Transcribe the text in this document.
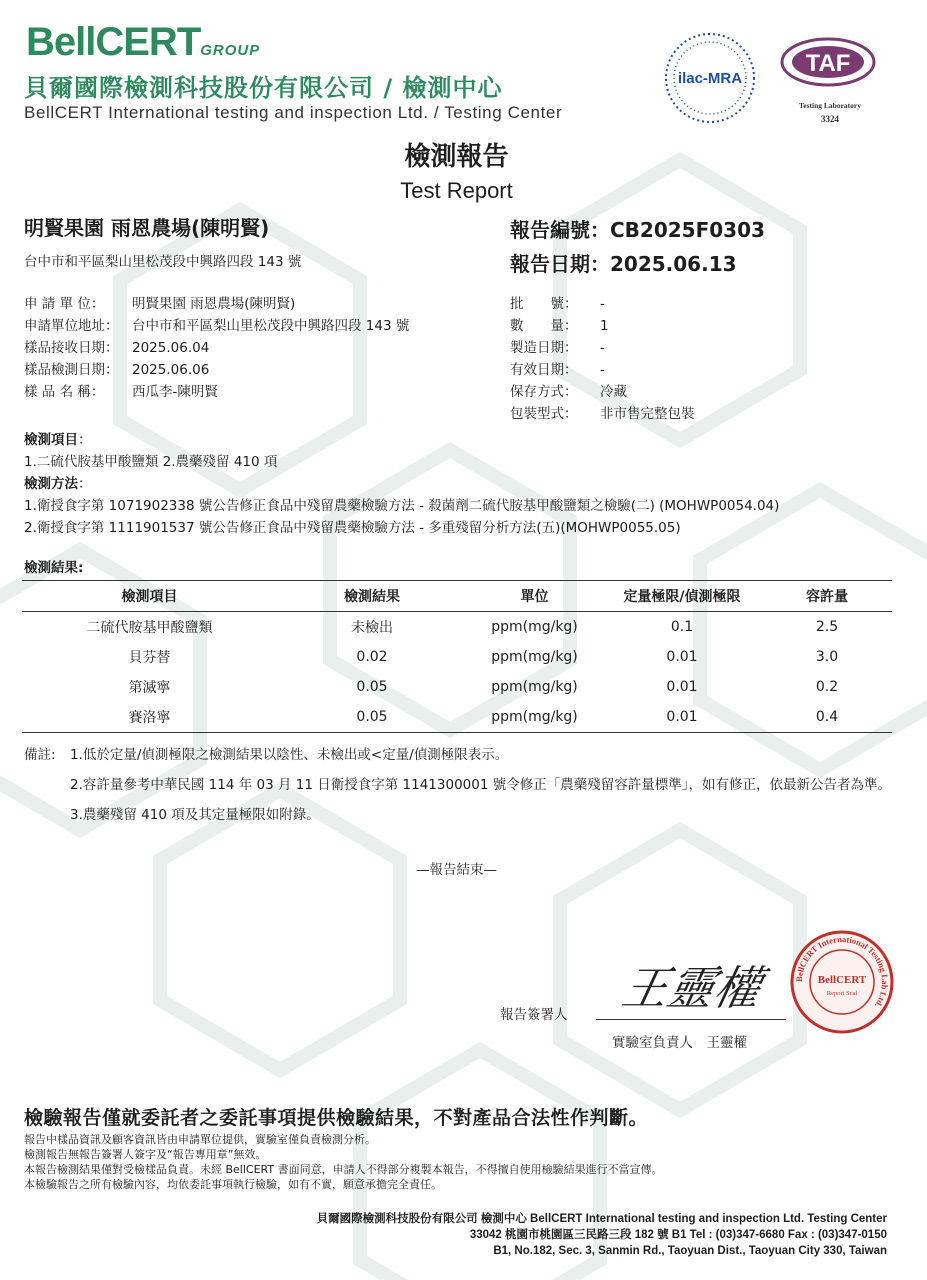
BellCERTGROUP
貝爾國際檢測科技股份有限公司 / 檢測中心
BellCERT International testing and inspection Ltd. / Testing Center
ilac-MRA
TAF
Testing Laboratory
3324
檢測報告
Test Report
明賢果園 雨恩農場(陳明賢)
台中市和平區梨山里松茂段中興路四段 143 號
報告編號：CB2025F0303
報告日期：2025.06.13
申 請 單 位： 明賢果園 雨恩農場(陳明賢)
申請單位地址： 台中市和平區梨山里松茂段中興路四段 143 號
樣品接收日期： 2025.06.04
樣品檢測日期： 2025.06.06
樣 品 名 稱： 西瓜李-陳明賢
批　　號： -
數　　量： 1
製造日期： -
有效日期： -
保存方式： 冷藏
包裝型式： 非市售完整包裝
檢測項目：
1.二硫代胺基甲酸鹽類 2.農藥殘留 410 項
檢測方法：
1.衛授食字第 1071902338 號公告修正食品中殘留農藥檢驗方法 - 殺菌劑二硫代胺基甲酸鹽類之檢驗(二) (MOHWP0054.04)
2.衛授食字第 1111901537 號公告修正食品中殘留農藥檢驗方法 - 多重殘留分析方法(五)(MOHWP0055.05)
檢測結果:
檢測項目	檢測結果	單位	定量極限/偵測極限	容許量
二硫代胺基甲酸鹽類	未檢出	ppm(mg/kg)	0.1	2.5
貝芬替	0.02	ppm(mg/kg)	0.01	3.0
第滅寧	0.05	ppm(mg/kg)	0.01	0.2
賽洛寧	0.05	ppm(mg/kg)	0.01	0.4
備註: 1.低於定量/偵測極限之檢測結果以陰性、未檢出或<定量/偵測極限表示。
2.容許量參考中華民國 114 年 03 月 11 日衛授食字第 1141300001 號令修正「農藥殘留容許量標準」，如有修正，依最新公告者為準。
3.農藥殘留 410 項及其定量極限如附錄。
—報告結束—
王靈權
報告簽署人
實驗室負責人　王靈權
BellCERT International Testing Lab Ltd.
BellCERT
Report Seal
檢驗報告僅就委託者之委託事項提供檢驗結果，不對產品合法性作判斷。
報告中樣品資訊及顧客資訊皆由申請單位提供，實驗室僅負責檢測分析。
檢測報告無報告簽署人簽字及“報告專用章”無效。
本報告檢測結果僅對受檢樣品負責。未經 BellCERT 書面同意，申請人不得部分複製本報告，不得擅自使用檢驗結果進行不當宣傳。
本檢驗報告之所有檢驗內容，均依委託事項執行檢驗，如有不實，願意承擔完全責任。
貝爾國際檢測科技股份有限公司 檢測中心 BellCERT International testing and inspection Ltd. Testing Center
33042 桃園市桃園區三民路三段 182 號 B1 Tel : (03)347-6680 Fax : (03)347-0150
B1, No.182, Sec. 3, Sanmin Rd., Taoyuan Dist., Taoyuan City 330, Taiwan
